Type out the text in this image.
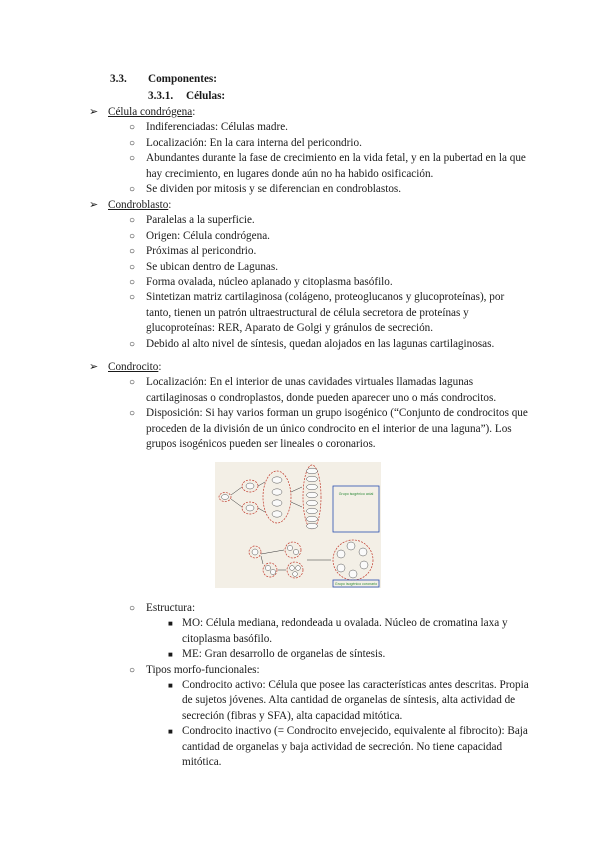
3.3. Componentes:
3.3.1. Células:
➢ Célula condrógena:
○ Indiferenciadas: Células madre.
○ Localización: En la cara interna del pericondrio.
○ Abundantes durante la fase de crecimiento en la vida fetal, y en la pubertad en la que hay crecimiento, en lugares donde aún no ha habido osificación.
○ Se dividen por mitosis y se diferencian en condroblastos.
➢ Condroblasto:
○ Paralelas a la superficie.
○ Origen: Célula condrógena.
○ Próximas al pericondrio.
○ Se ubican dentro de Lagunas.
○ Forma ovalada, núcleo aplanado y citoplasma basófilo.
○ Sintetizan matriz cartilaginosa (colágeno, proteoglucanos y glucoproteínas), por tanto, tienen un patrón ultraestructural de célula secretora de proteínas y glucoproteínas: RER, Aparato de Golgi y gránulos de secreción.
○ Debido al alto nivel de síntesis, quedan alojados en las lagunas cartilaginosas.
➢ Condrocito:
○ Localización: En el interior de unas cavidades virtuales llamadas lagunas cartilaginosas o condroplastos, donde pueden aparecer uno o más condrocitos.
○ Disposición: Si hay varios forman un grupo isogénico (“Conjunto de condrocitos que proceden de la división de un único condrocito en el interior de una laguna”). Los grupos isogénicos pueden ser lineales o coronarios.
Grupo isogénico axial
Grupo isogénico coronario
○ Estructura:
■ MO: Célula mediana, redondeada u ovalada. Núcleo de cromatina laxa y citoplasma basófilo.
■ ME: Gran desarrollo de organelas de síntesis.
○ Tipos morfo-funcionales:
■ Condrocito activo: Célula que posee las características antes descritas. Propia de sujetos jóvenes. Alta cantidad de organelas de síntesis, alta actividad de secreción (fibras y SFA), alta capacidad mitótica.
■ Condrocito inactivo (= Condrocito envejecido, equivalente al fibrocito): Baja cantidad de organelas y baja actividad de secreción. No tiene capacidad mitótica.
